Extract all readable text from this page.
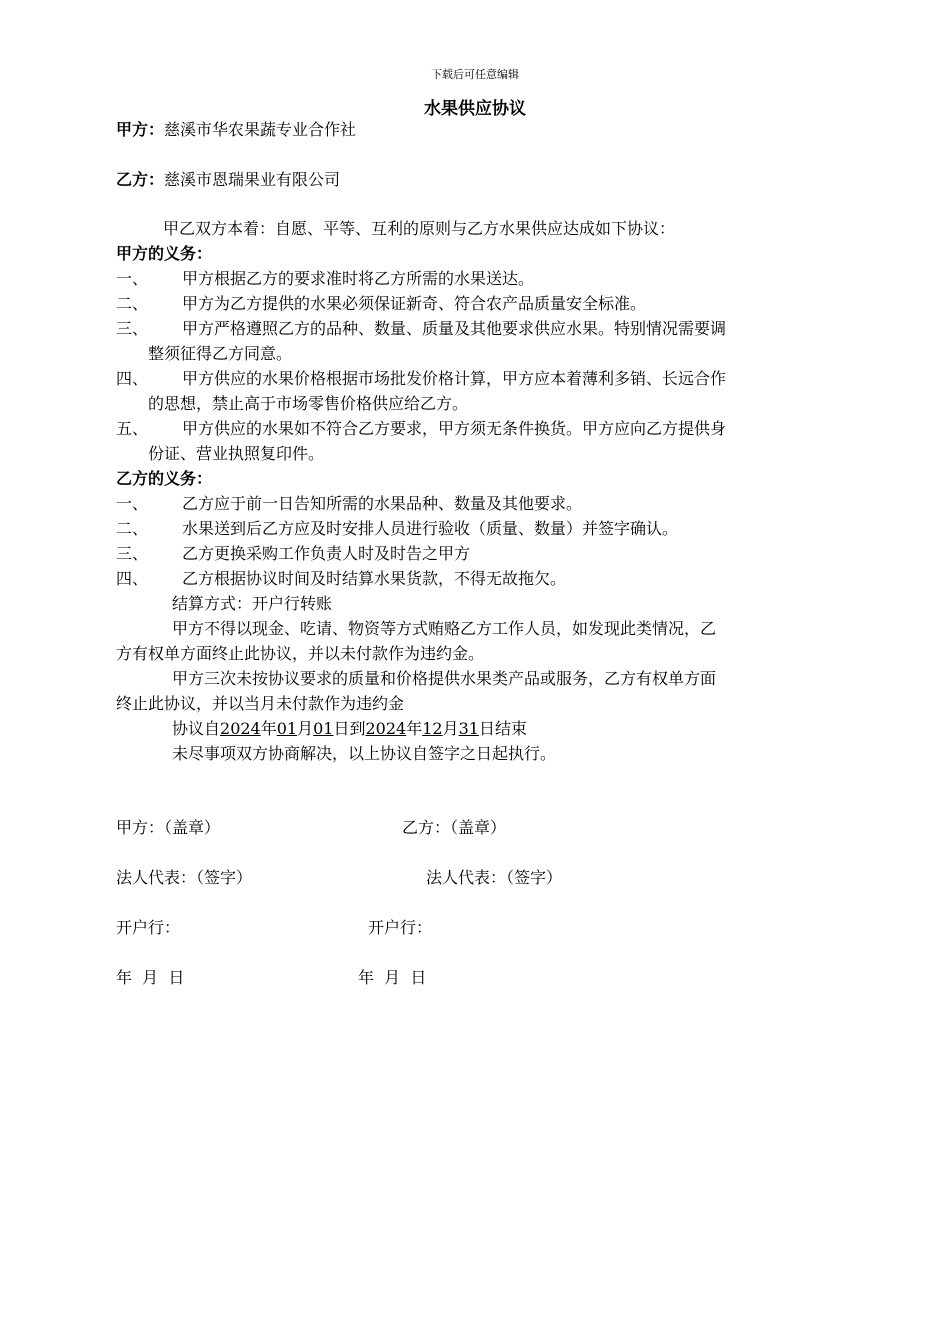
下载后可任意编辑
水果供应协议
甲方：慈溪市华农果蔬专业合作社
乙方：慈溪市恩瑞果业有限公司
甲乙双方本着：自愿、平等、互利的原则与乙方水果供应达成如下协议：
甲方的义务：
一、 甲方根据乙方的要求准时将乙方所需的水果送达。
二、 甲方为乙方提供的水果必须保证新奇、符合农产品质量安全标准。
三、 甲方严格遵照乙方的品种、数量、质量及其他要求供应水果。特别情况需要调
整须征得乙方同意。
四、 甲方供应的水果价格根据市场批发价格计算，甲方应本着薄利多销、长远合作
的思想，禁止高于市场零售价格供应给乙方。
五、 甲方供应的水果如不符合乙方要求，甲方须无条件换货。甲方应向乙方提供身
份证、营业执照复印件。
乙方的义务：
一、 乙方应于前一日告知所需的水果品种、数量及其他要求。
二、 水果送到后乙方应及时安排人员进行验收（质量、数量）并签字确认。
三、 乙方更换采购工作负责人时及时告之甲方
四、 乙方根据协议时间及时结算水果货款，不得无故拖欠。
结算方式：开户行转账
甲方不得以现金、吃请、物资等方式贿赂乙方工作人员，如发现此类情况，乙
方有权单方面终止此协议，并以未付款作为违约金。
甲方三次未按协议要求的质量和价格提供水果类产品或服务，乙方有权单方面
终止此协议，并以当月未付款作为违约金
协议自2024年01月01日到2024年12月31日结束
未尽事项双方协商解决，以上协议自签字之日起执行。
甲方：（盖章）	乙方：（盖章）
法人代表：（签字）	法人代表：（签字）
开户行：	开户行：
年  月  日	年  月  日
